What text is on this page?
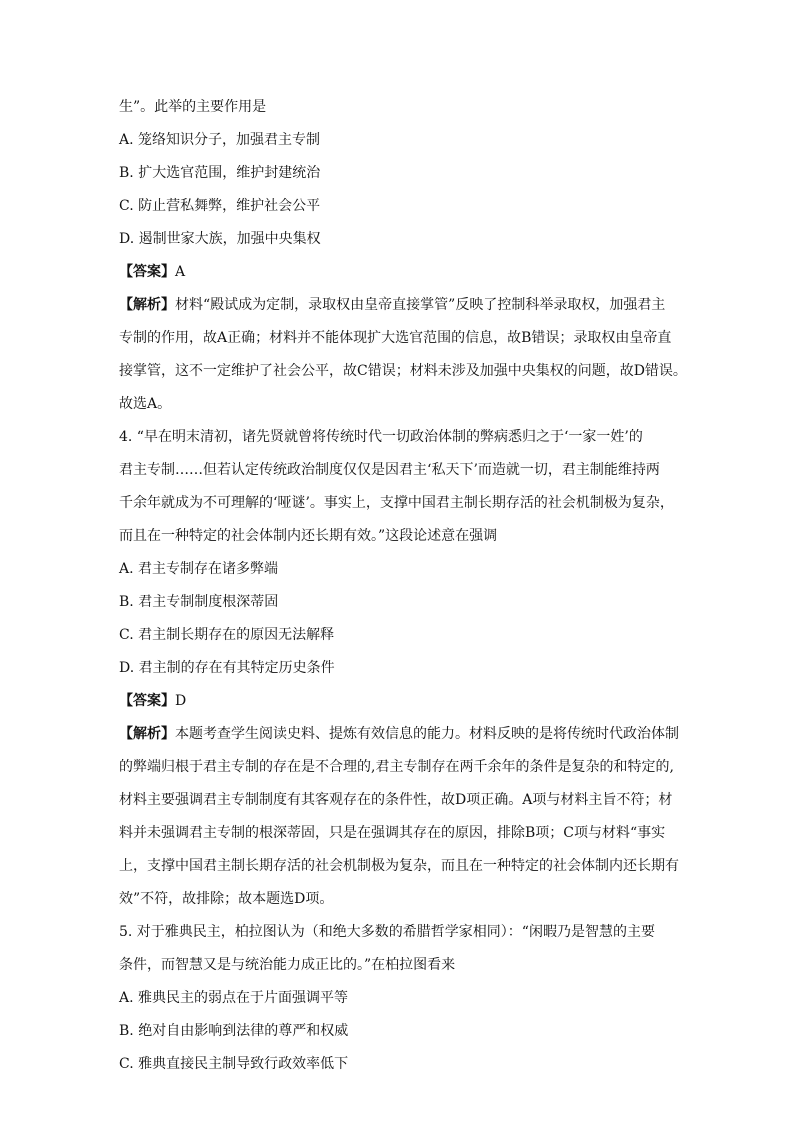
生”。此举的主要作用是
A. 笼络知识分子，加强君主专制
B. 扩大选官范围，维护封建统治
C. 防止营私舞弊，维护社会公平
D. 遏制世家大族，加强中央集权
【答案】A
【解析】材料“殿试成为定制，录取权由皇帝直接掌管”反映了控制科举录取权，加强君主
专制的作用，故A正确；材料并不能体现扩大选官范围的信息，故B错误；录取权由皇帝直
接掌管，这不一定维护了社会公平，故C错误；材料未涉及加强中央集权的问题，故D错误。
故选A。
4. “早在明末清初，诸先贤就曾将传统时代一切政治体制的弊病悉归之于‘一家一姓’的
君主专制……但若认定传统政治制度仅仅是因君主‘私天下’而造就一切，君主制能维持两
千余年就成为不可理解的‘哑谜’。事实上，支撑中国君主制长期存活的社会机制极为复杂，
而且在一种特定的社会体制内还长期有效。”这段论述意在强调
A. 君主专制存在诸多弊端
B. 君主专制制度根深蒂固
C. 君主制长期存在的原因无法解释
D. 君主制的存在有其特定历史条件
【答案】D
【解析】本题考查学生阅读史料、提炼有效信息的能力。材料反映的是将传统时代政治体制
的弊端归根于君主专制的存在是不合理的,君主专制存在两千余年的条件是复杂的和特定的,
材料主要强调君主专制制度有其客观存在的条件性，故D项正确。A项与材料主旨不符；材
料并未强调君主专制的根深蒂固，只是在强调其存在的原因，排除B项；C项与材料“事实
上，支撑中国君主制长期存活的社会机制极为复杂，而且在一种特定的社会体制内还长期有
效”不符，故排除；故本题选D项。
5. 对于雅典民主，柏拉图认为（和绝大多数的希腊哲学家相同）：“闲暇乃是智慧的主要
条件，而智慧又是与统治能力成正比的。”在柏拉图看来
A. 雅典民主的弱点在于片面强调平等
B. 绝对自由影响到法律的尊严和权威
C. 雅典直接民主制导致行政效率低下
